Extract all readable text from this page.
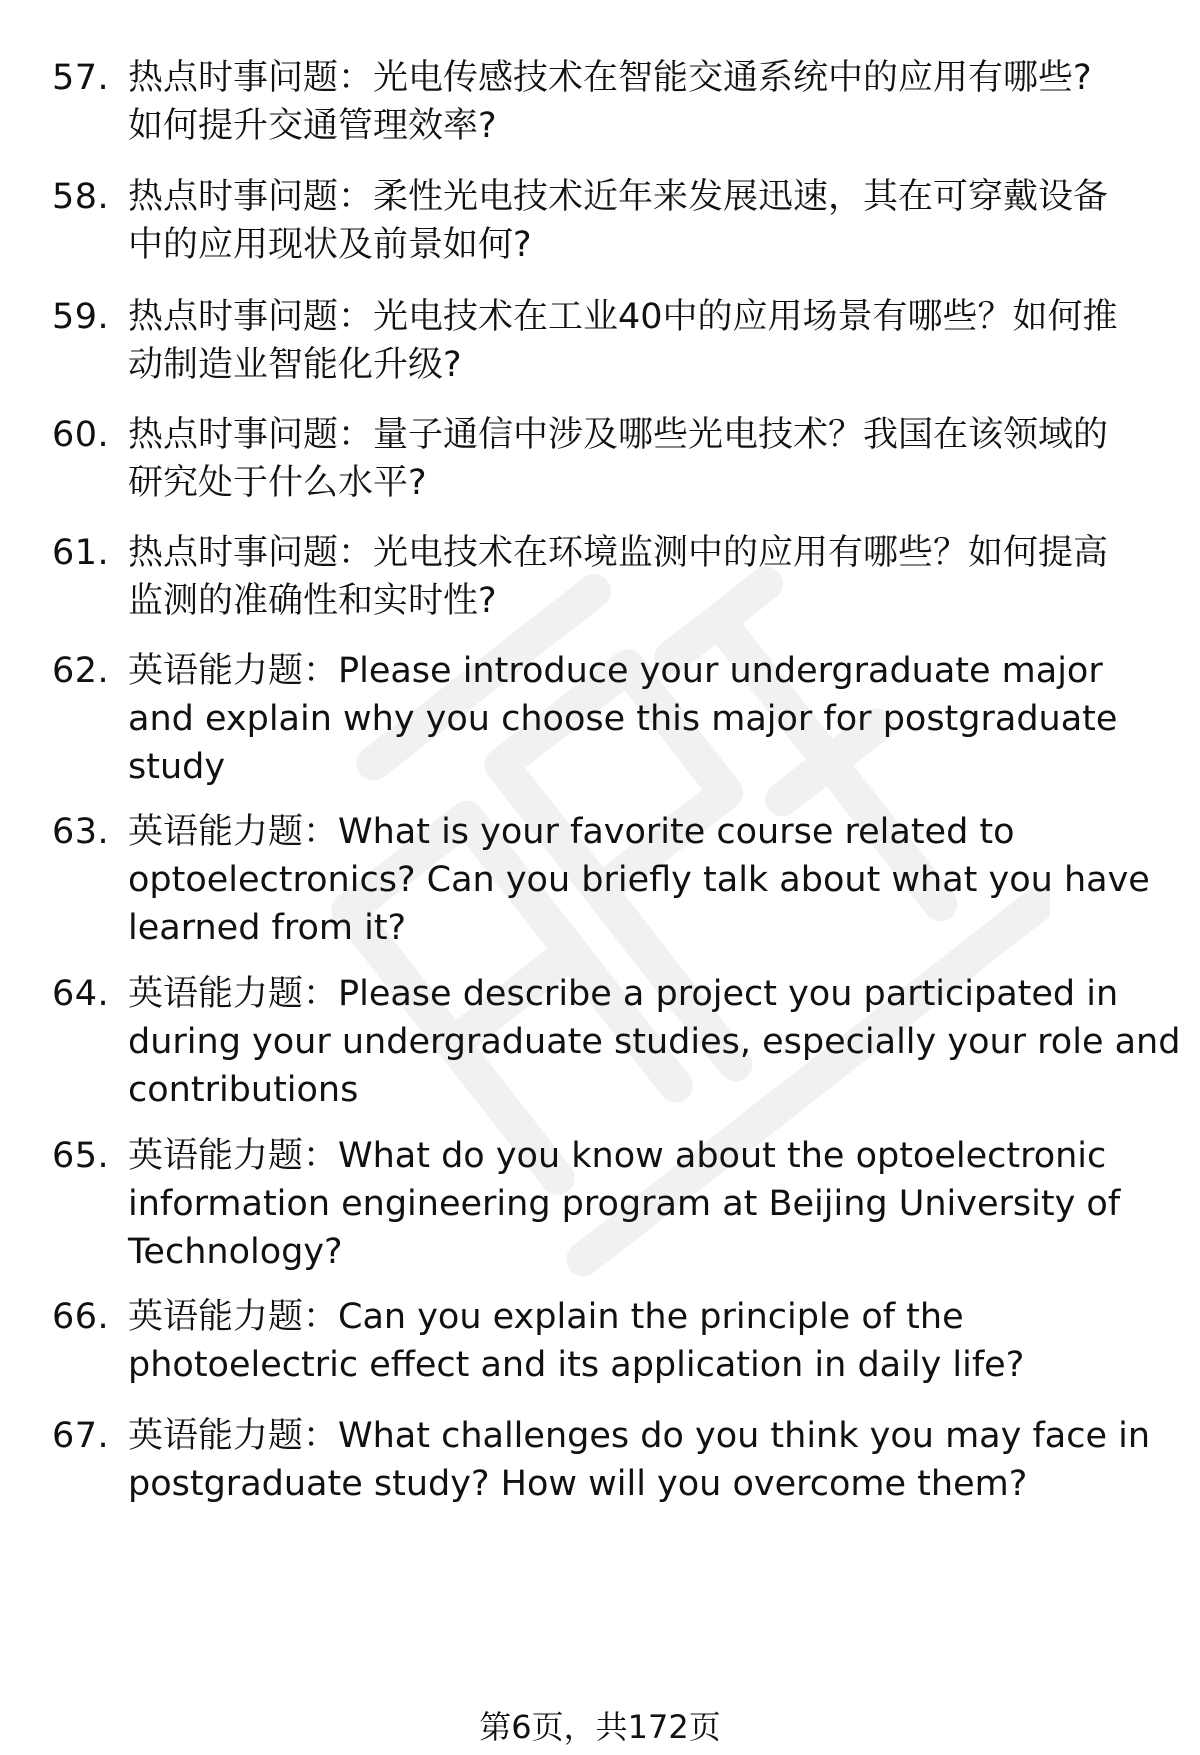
57. 热点时事问题：光电传感技术在智能交通系统中的应用有哪些?
如何提升交通管理效率?
58. 热点时事问题：柔性光电技术近年来发展迅速，其在可穿戴设备
中的应用现状及前景如何?
59. 热点时事问题：光电技术在工业40中的应用场景有哪些？如何推
动制造业智能化升级?
60. 热点时事问题：量子通信中涉及哪些光电技术？我国在该领域的
研究处于什么水平?
61. 热点时事问题：光电技术在环境监测中的应用有哪些？如何提高
监测的准确性和实时性?
62. 英语能力题：Please introduce your undergraduate major
and explain why you choose this major for postgraduate
study
63. 英语能力题：What is your favorite course related to
optoelectronics? Can you briefly talk about what you have
learned from it?
64. 英语能力题：Please describe a project you participated in
during your undergraduate studies, especially your role and
contributions
65. 英语能力题：What do you know about the optoelectronic
information engineering program at Beijing University of
Technology?
66. 英语能力题：Can you explain the principle of the
photoelectric effect and its application in daily life?
67. 英语能力题：What challenges do you think you may face in
postgraduate study? How will you overcome them?
第6页，共172页
